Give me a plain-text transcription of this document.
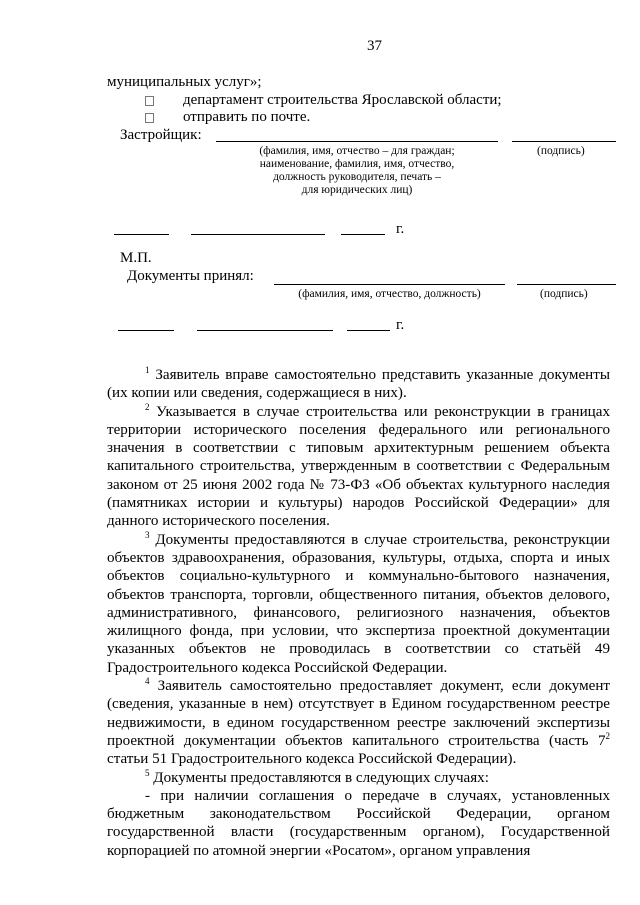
37
муниципальных услуг»;
департамент строительства Ярославской области;
отправить по почте.
Застройщик:
(фамилия, имя, отчество – для граждан;
наименование, фамилия, имя, отчество,
должность руководителя, печать –
для юридических лиц)
(подпись)
г.
М.П.
Документы принял:
(фамилия, имя, отчество, должность)	(подпись)
г.

$^1$ Заявитель вправе самостоятельно представить указанные документы (их копии или сведения, содержащиеся в них).

$^2$ Указывается в случае строительства или реконструкции в границах территории исторического поселения федерального или регионального значения в соответствии с типовым архитектурным решением объекта капитального строительства, утвержденным в соответствии с Федеральным законом от 25 июня 2002 года № 73-ФЗ «Об объектах культурного наследия (памятниках истории и культуры) народов Российской Федерации» для данного исторического поселения.

$^3$ Документы предоставляются в случае строительства, реконструкции объектов здравоохранения, образования, культуры, отдыха, спорта и иных объектов социально-культурного и коммунально-бытового назначения, объектов транспорта, торговли, общественного питания, объектов делового, административного, финансового, религиозного назначения, объектов жилищного фонда, при условии, что экспертиза проектной документации указанных объектов не проводилась в соответствии со статьёй 49 Градостроительного кодекса Российской Федерации.

$^4$ Заявитель самостоятельно предоставляет документ, если документ (сведения, указанные в нем) отсутствует в Едином государственном реестре недвижимости, в едином государственном реестре заключений экспертизы проектной документации объектов капитального строительства (часть $7^2$ статьи 51 Градостроительного кодекса Российской Федерации).

$^5$ Документы предоставляются в следующих случаях:

- при наличии соглашения о передаче в случаях, установленных бюджетным законодательством Российской Федерации, органом государственной власти (государственным органом), Государственной корпорацией по атомной энергии «Росатом», органом управления
